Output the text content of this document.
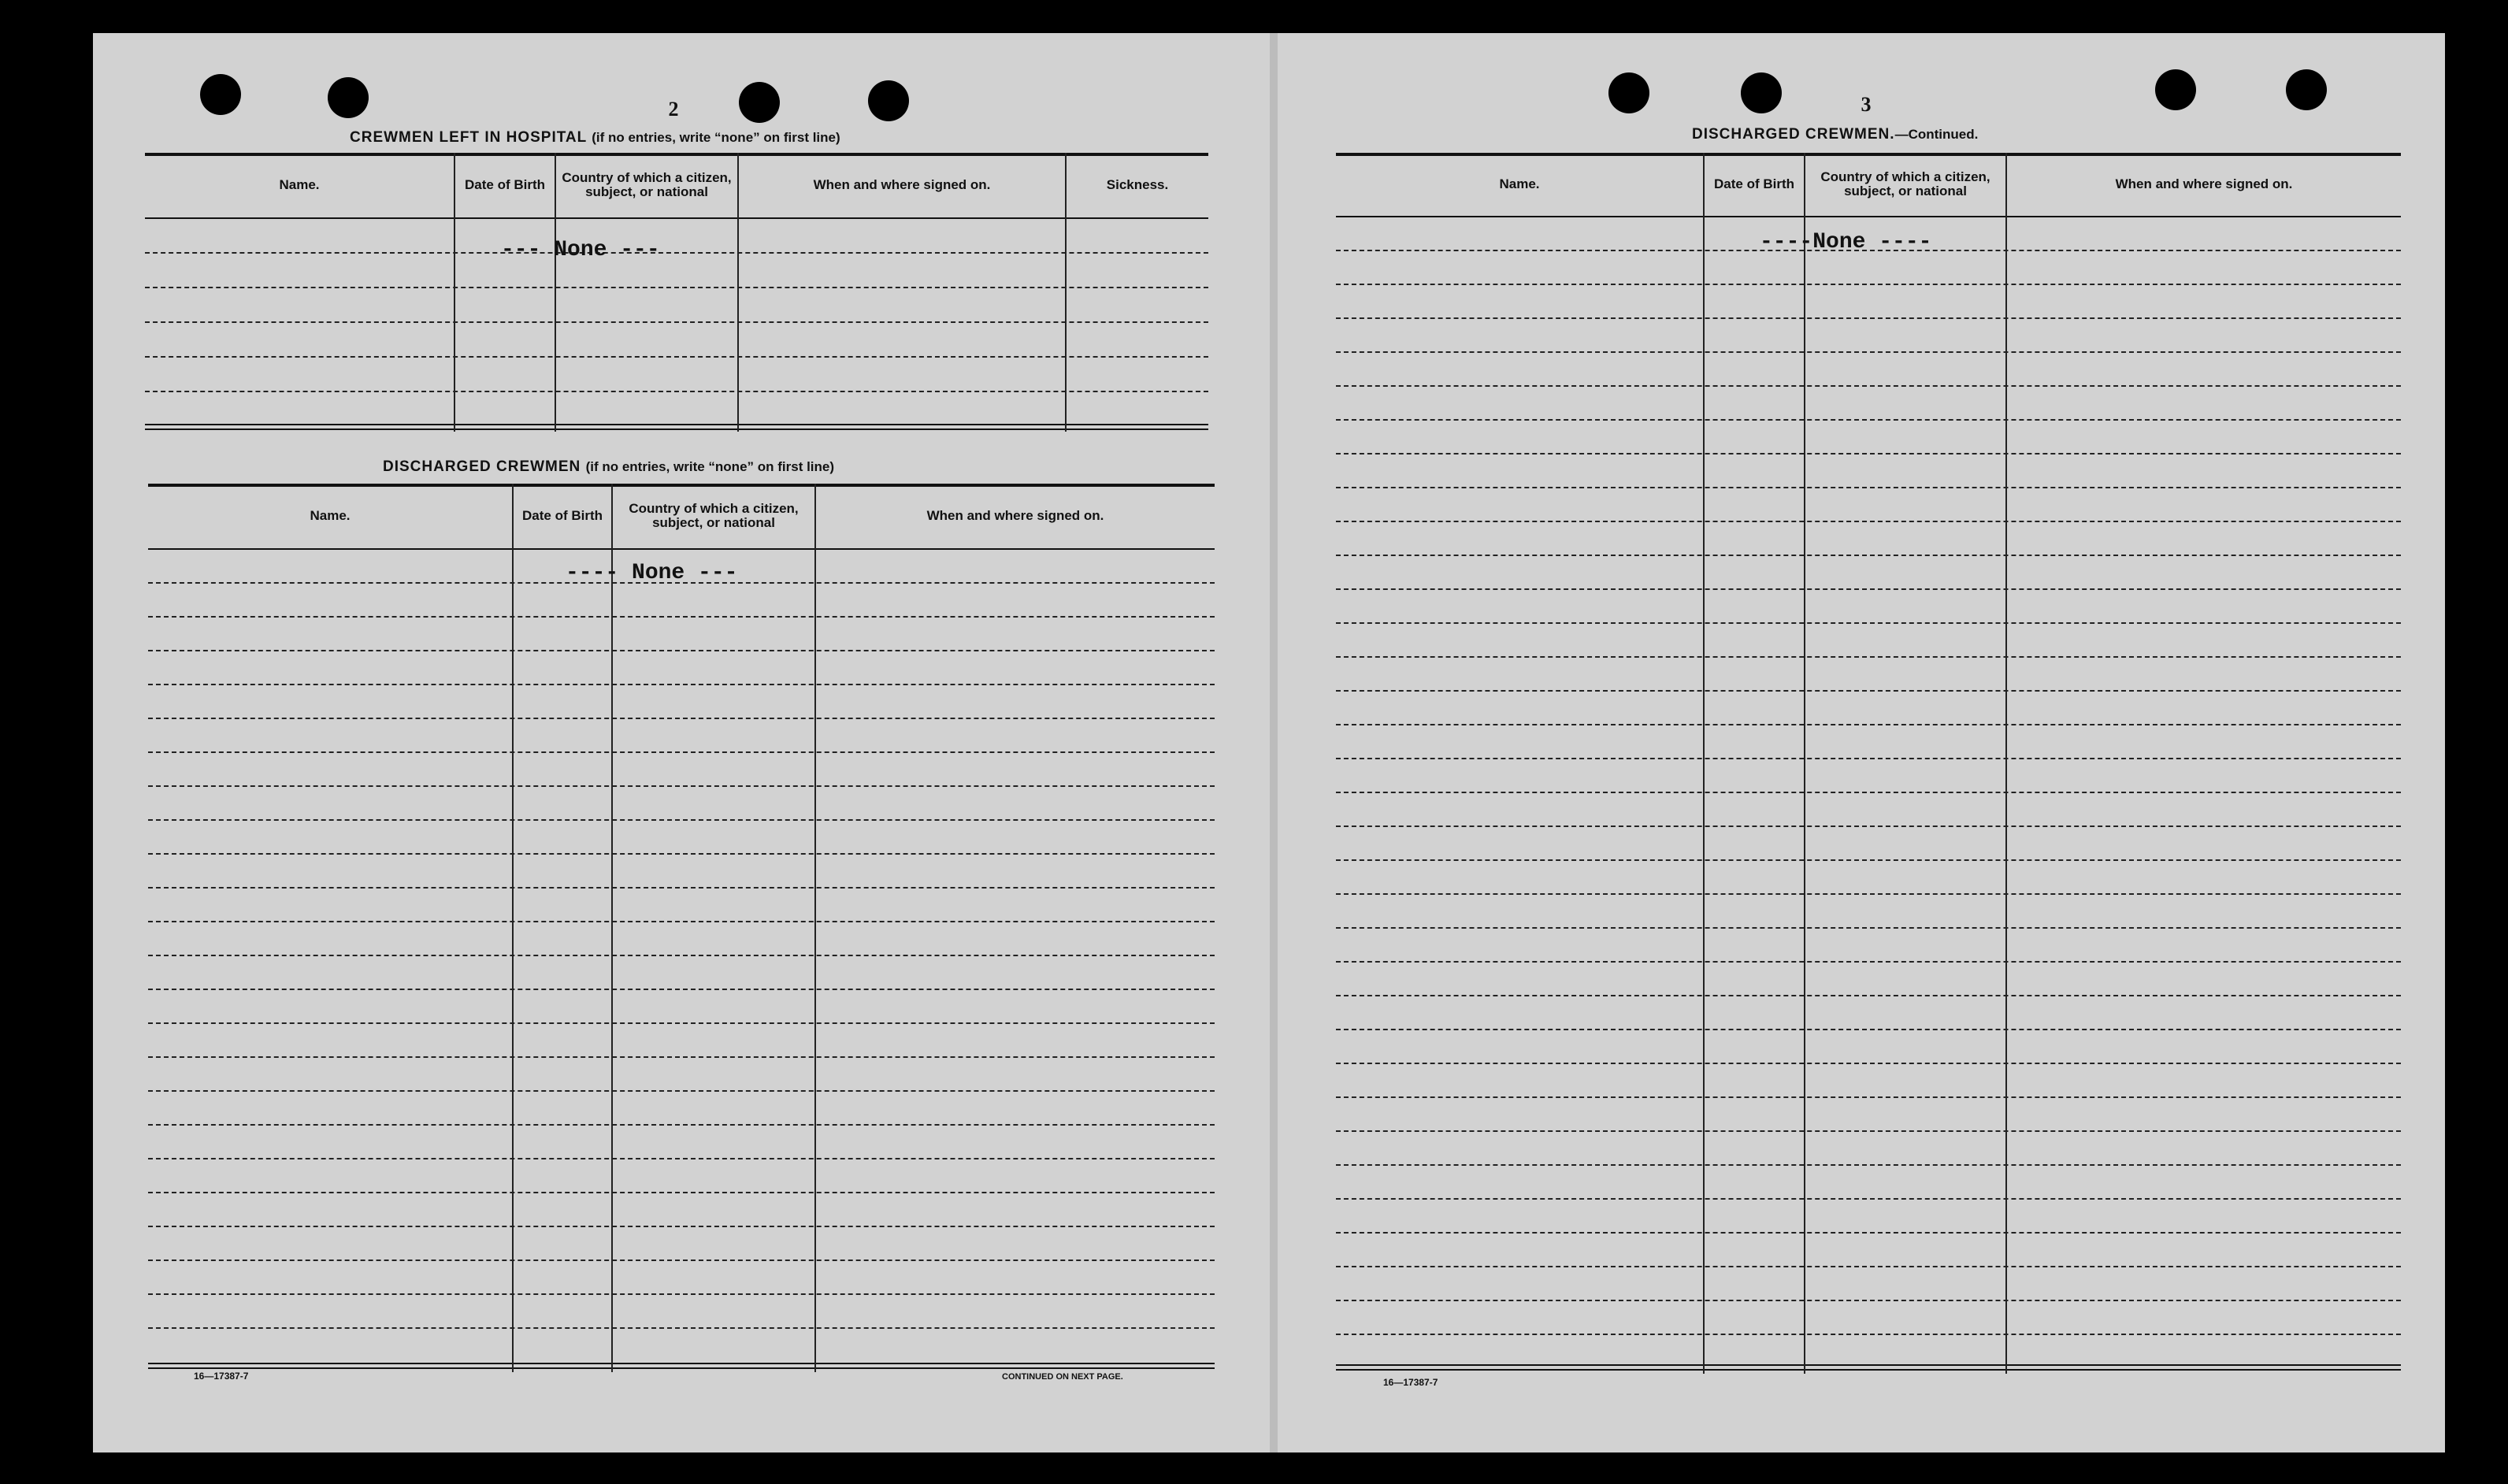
2
CREWMEN LEFT IN HOSPITAL (if no entries, write “none” on first line)
Name.	Date of Birth	Country of which a citizen, subject, or national	When and where signed on.	Sickness.
--- None ---
DISCHARGED CREWMEN (if no entries, write “none” on first line)
Name.	Date of Birth	Country of which a citizen, subject, or national	When and where signed on.
---- None ---
16—17387-7	CONTINUED ON NEXT PAGE.
3
DISCHARGED CREWMEN.—Continued.
Name.	Date of Birth	Country of which a citizen, subject, or national	When and where signed on.
----None ----
16—17387-7
